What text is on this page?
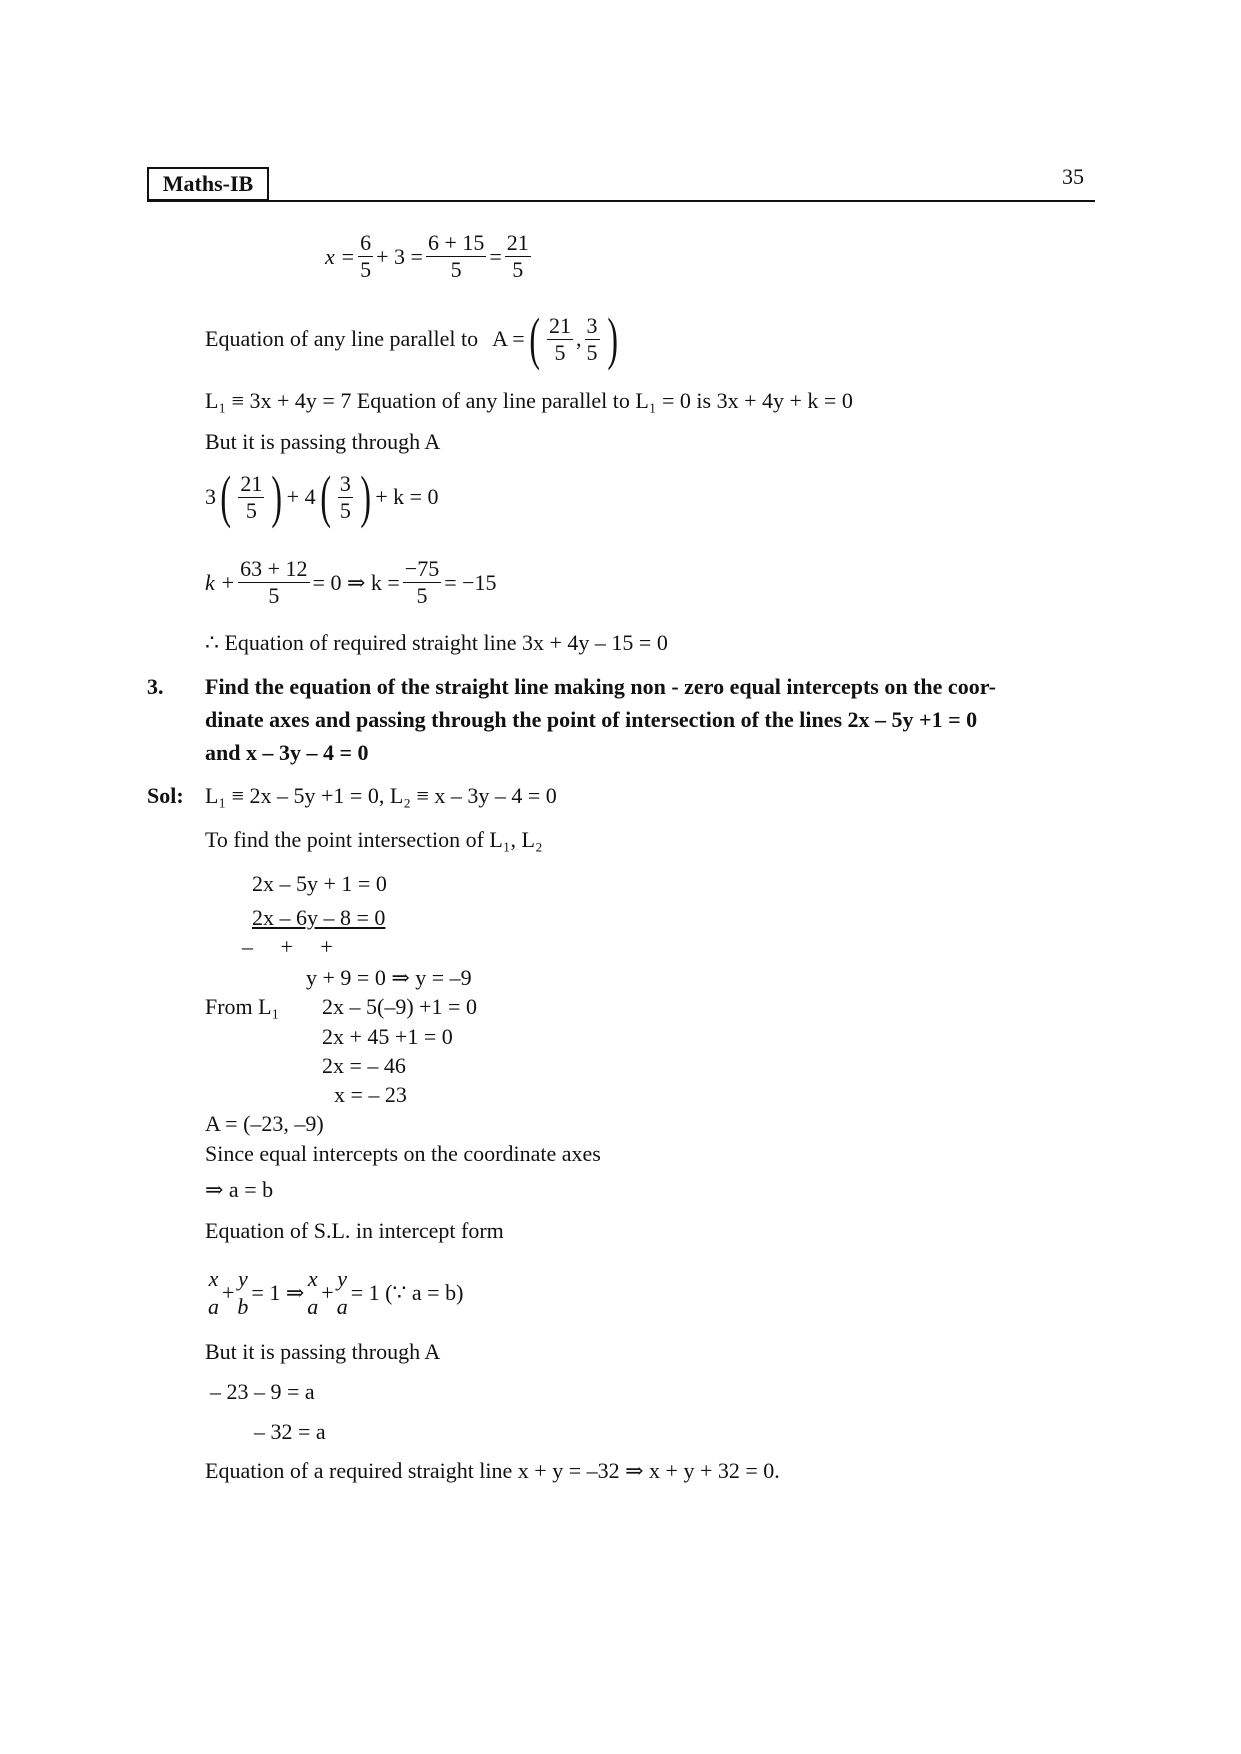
Maths-IB	35
$x = \frac{6}{5} + 3 = \frac{6 + 15}{5} = \frac{21}{5}$
Equation of any line parallel to A = ( $\frac{21}{5}$ , $\frac{3}{5}$ )
L₁ ≡ 3x + 4y = 7 Equation of any line parallel to L₁ = 0 is 3x + 4y + k = 0
But it is passing through A
3 ( $\frac{21}{5}$ ) + 4 ( $\frac{3}{5}$ ) + k = 0
$k + \frac{63 + 12}{5} = 0$ ⇒ $k = \frac{-75}{5} = -15$
∴ Equation of required straight line 3x + 4y – 15 = 0
3. Find the equation of the straight line making non - zero equal intercepts on the coor-
dinate axes and passing through the point of intersection of the lines 2x – 5y +1 = 0
and x – 3y – 4 = 0
Sol: L₁ ≡ 2x – 5y +1 = 0, L₂ ≡ x – 3y – 4 = 0
To find the point intersection of L₁, L₂
2x – 5y + 1 = 0
2x – 6y – 8 = 0
–     +     +
y + 9 = 0 ⇒ y = –9
From L₁ 2x – 5(–9) +1 = 0
2x + 45 +1 = 0
2x = – 46
x = – 23
A = (–23, –9)
Since equal intercepts on the coordinate axes
⇒ a = b
Equation of S.L. in intercept form
x
a
+
y
b
= 1 ⇒
x
a
+
y
a
= 1 (∵ a = b)
But it is passing through A
– 23 – 9 = a
– 32 = a
Equation of a required straight line x + y = –32 ⇒ x + y + 32 = 0.
